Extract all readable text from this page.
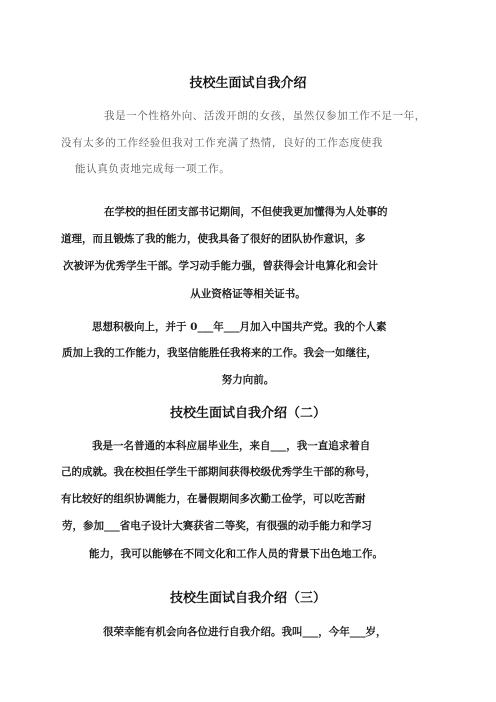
技校生面试自我介绍
我是一个性格外向、活泼开朗的女孩，虽然仅参加工作不足一年，
没有太多的工作经验但我对工作充满了热情，良好的工作态度使我
能认真负责地完成每一项工作。
在学校的担任团支部书记期间，不但使我更加懂得为人处事的
道理，而且锻炼了我的能力，使我具备了很好的团队协作意识，多
次被评为优秀学生干部。学习动手能力强，曾获得会计电算化和会计
从业资格证等相关证书。
思想积极向上，并于 0___年___月加入中国共产党。我的个人素
质加上我的工作能力，我坚信能胜任我将来的工作。我会一如继往，
努力向前。
技校生面试自我介绍（二）
我是一名普通的本科应届毕业生，来自___，我一直追求着自
己的成就。我在校担任学生干部期间获得校级优秀学生干部的称号，
有比较好的组织协调能力，在暑假期间多次勤工俭学，可以吃苦耐
劳，参加___省电子设计大赛获省二等奖，有很强的动手能力和学习
能力，我可以能够在不同文化和工作人员的背景下出色地工作。
技校生面试自我介绍（三）
很荣幸能有机会向各位进行自我介绍。我叫___，今年___岁，
